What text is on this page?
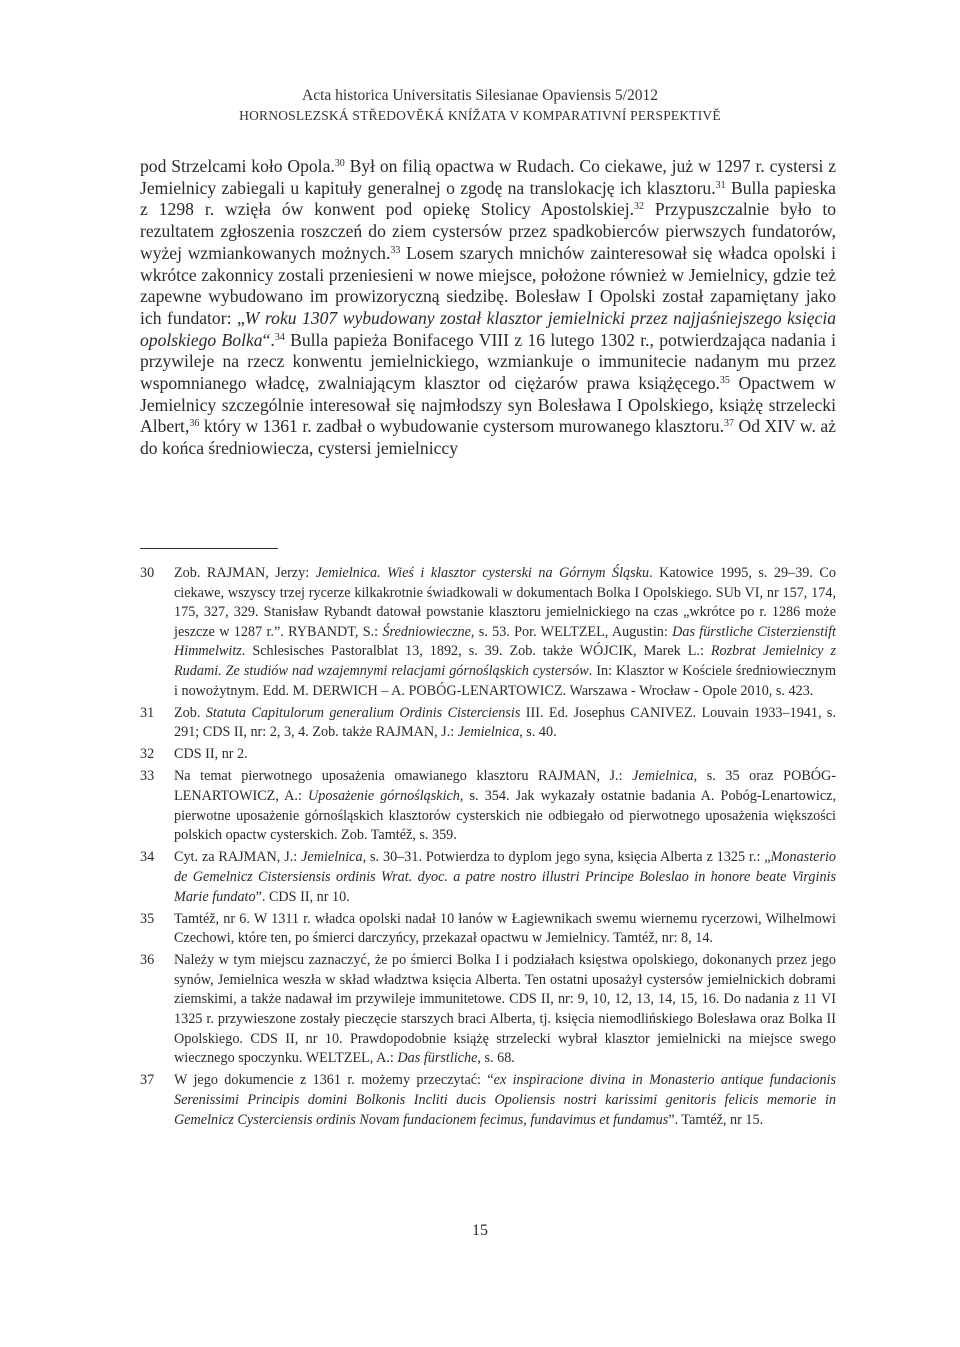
Acta historica Universitatis Silesianae Opaviensis 5/2012
HORNOSLEZSKÁ STŘEDOVĚKÁ KNÍŽATA V KOMPARATIVNÍ PERSPEKTIVĚ

pod Strzelcami koło Opola.$^{30}$ Był on filią opactwa w Rudach. Co ciekawe, już w 1297 r. cystersi z Jemielnicy zabiegali u kapituły generalnej o zgodę na translokację ich klasztoru.$^{31}$ Bulla papieska z 1298 r. wzięła ów konwent pod opiekę Stolicy Apostolskiej.$^{32}$ Przypuszczalnie było to rezultatem zgłoszenia roszczeń do ziem cystersów przez spadkobierców pierwszych fundatorów, wyżej wzmiankowanych możnych.$^{33}$ Losem szarych mnichów zainteresował się władca opolski i wkrótce zakonnicy zostali przeniesieni w nowe miejsce, położone również w Jemielnicy, gdzie też zapewne wybudowano im prowizoryczną siedzibę. Bolesław I Opolski został zapamiętany jako ich fundator: „W roku 1307 wybudowany został klasztor jemielnicki przez najjaśniejszego księcia opolskiego Bolka“.$^{34}$ Bulla papieża Bonifacego VIII z 16 lutego 1302 r., potwierdzająca nadania i przywileje na rzecz konwentu jemielnickiego, wzmiankuje o immunitecie nadanym mu przez wspomnianego władcę, zwalniającym klasztor od ciężarów prawa książęcego.$^{35}$ Opactwem w Jemielnicy szczególnie interesował się najmłodszy syn Bolesława I Opolskiego, książę strzelecki Albert,$^{36}$ który w 1361 r. zadbał o wybudowanie cystersom murowanego klasztoru.$^{37}$ Od XIV w. aż do końca średniowiecza, cystersi jemielniccy

30	Zob. RAJMAN, Jerzy: Jemielnica. Wieś i klasztor cysterski na Górnym Śląsku. Katowice 1995, s. 29–39. Co ciekawe, wszyscy trzej rycerze kilkakrotnie świadkowali w dokumentach Bolka I Opolskiego. SUb VI, nr 157, 174, 175, 327, 329. Stanisław Rybandt datował powstanie klasztoru jemielnickiego na czas „wkrótce po r. 1286 może jeszcze w 1287 r.”. RYBANDT, S.: Średniowieczne, s. 53. Por. WELTZEL, Augustin: Das fürstliche Cisterzienstift Himmelwitz. Schlesisches Pastoralblat 13, 1892, s. 39. Zob. także WÓJCIK, Marek L.: Rozbrat Jemielnicy z Rudami. Ze studiów nad wzajemnymi relacjami górnośląskich cystersów. In: Klasztor w Kościele średniowiecznym i nowożytnym. Edd. M. DERWICH – A. POBÓG-LENARTOWICZ. Warszawa - Wrocław - Opole 2010, s. 423.
31	Zob. Statuta Capitulorum generalium Ordinis Cisterciensis III. Ed. Josephus CANIVEZ. Louvain 1933–1941, s. 291; CDS II, nr: 2, 3, 4. Zob. także RAJMAN, J.: Jemielnica, s. 40.
32	CDS II, nr 2.
33	Na temat pierwotnego uposażenia omawianego klasztoru RAJMAN, J.: Jemielnica, s. 35 oraz POBÓG-LENARTOWICZ, A.: Uposażenie górnośląskich, s. 354. Jak wykazały ostatnie badania A. Pobóg-Lenartowicz, pierwotne uposażenie górnośląskich klasztorów cysterskich nie odbiegało od pierwotnego uposażenia większości polskich opactw cysterskich. Zob. Tamtéž, s. 359.
34	Cyt. za RAJMAN, J.: Jemielnica, s. 30–31. Potwierdza to dyplom jego syna, księcia Alberta z 1325 r.: „Monasterio de Gemelnicz Cistersiensis ordinis Wrat. dyoc. a patre nostro illustri Principe Boleslao in honore beate Virginis Marie fundato”. CDS II, nr 10.
35	Tamtéž, nr 6. W 1311 r. władca opolski nadał 10 łanów w Łagiewnikach swemu wiernemu rycerzowi, Wilhelmowi Czechowi, które ten, po śmierci darczyńcy, przekazał opactwu w Jemielnicy. Tamtéž, nr: 8, 14.
36	Należy w tym miejscu zaznaczyć, że po śmierci Bolka I i podziałach księstwa opolskiego, dokonanych przez jego synów, Jemielnica weszła w skład władztwa księcia Alberta. Ten ostatni uposażył cystersów jemielnickich dobrami ziemskimi, a także nadawał im przywileje immunitetowe. CDS II, nr: 9, 10, 12, 13, 14, 15, 16. Do nadania z 11 VI 1325 r. przywieszone zostały pieczęcie starszych braci Alberta, tj. księcia niemodlińskiego Bolesława oraz Bolka II Opolskiego. CDS II, nr 10. Prawdopodobnie książę strzelecki wybrał klasztor jemielnicki na miejsce swego wiecznego spoczynku. WELTZEL, A.: Das fürstliche, s. 68.
37	W jego dokumencie z 1361 r. możemy przeczytać: “ex inspiracione divina in Monasterio antique fundacionis Serenissimi Principis domini Bolkonis Incliti ducis Opoliensis nostri karissimi genitoris felicis memorie in Gemelnicz Cysterciensis ordinis Novam fundacionem fecimus, fundavimus et fundamus”. Tamtéž, nr 15.
15
